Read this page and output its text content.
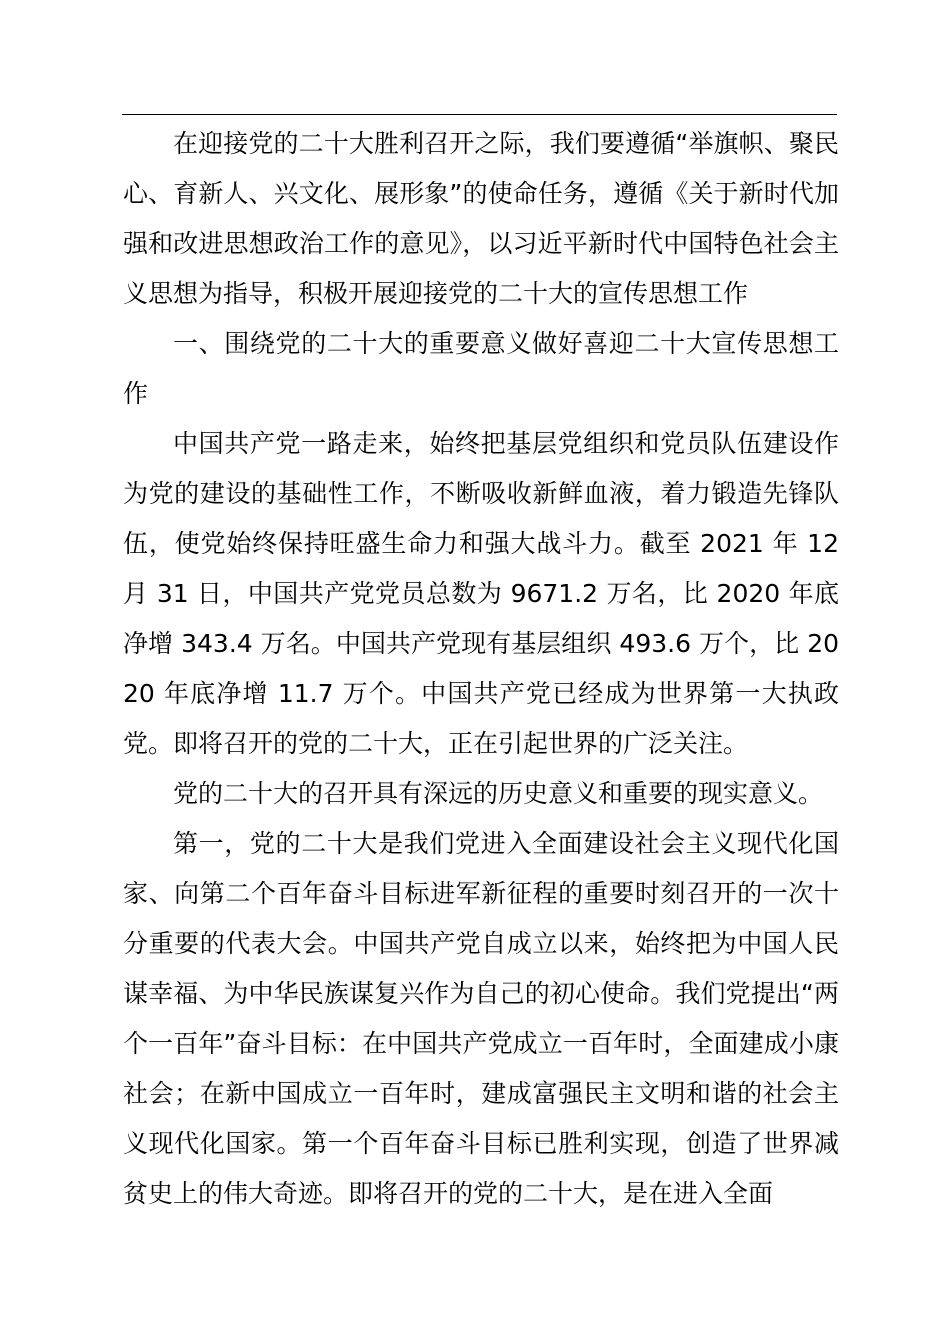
在迎接党的二十大胜利召开之际，我们要遵循“举旗帜、聚民心、育新人、兴文化、展形象”的使命任务，遵循《关于新时代加强和改进思想政治工作的意见》，以习近平新时代中国特色社会主义思想为指导，积极开展迎接党的二十大的宣传思想工作

一、围绕党的二十大的重要意义做好喜迎二十大宣传思想工作

中国共产党一路走来，始终把基层党组织和党员队伍建设作为党的建设的基础性工作，不断吸收新鲜血液，着力锻造先锋队伍，使党始终保持旺盛生命力和强大战斗力。截至 2021 年 12 月 31 日，中国共产党党员总数为 9671.2 万名，比 2020 年底净增 343.4 万名。中国共产党现有基层组织 493.6 万个，比 2020 年底净增 11.7 万个。中国共产党已经成为世界第一大执政党。即将召开的党的二十大，正在引起世界的广泛关注。

党的二十大的召开具有深远的历史意义和重要的现实意义。

第一，党的二十大是我们党进入全面建设社会主义现代化国家、向第二个百年奋斗目标进军新征程的重要时刻召开的一次十分重要的代表大会。中国共产党自成立以来，始终把为中国人民谋幸福、为中华民族谋复兴作为自己的初心使命。我们党提出“两个一百年”奋斗目标：在中国共产党成立一百年时，全面建成小康社会；在新中国成立一百年时，建成富强民主文明和谐的社会主义现代化国家。第一个百年奋斗目标已胜利实现，创造了世界减贫史上的伟大奇迹。即将召开的党的二十大，是在进入全面
